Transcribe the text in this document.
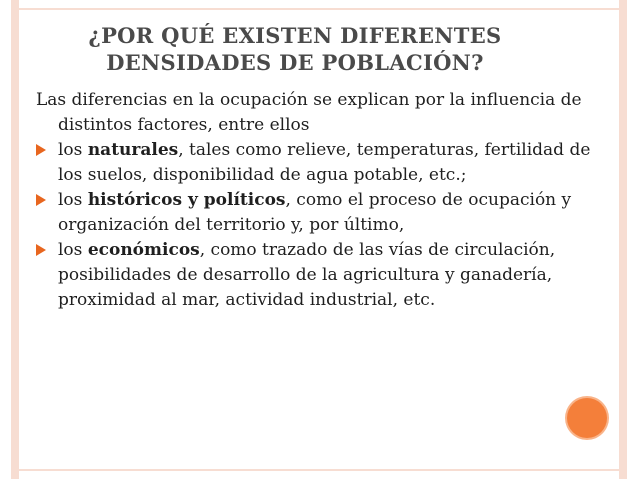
¿POR QUÉ EXISTEN DIFERENTES
DENSIDADES DE POBLACIÓN?
Las diferencias en la ocupación se explican por la influencia de distintos factores, entre ellos
los naturales, tales como relieve, temperaturas, fertilidad de los suelos, disponibilidad de agua potable, etc.;
los históricos y políticos, como el proceso de ocupación y organización del territorio y, por último,
los económicos, como trazado de las vías de circulación, posibilidades de desarrollo de la agricultura y ganadería, proximidad al mar, actividad industrial, etc.
